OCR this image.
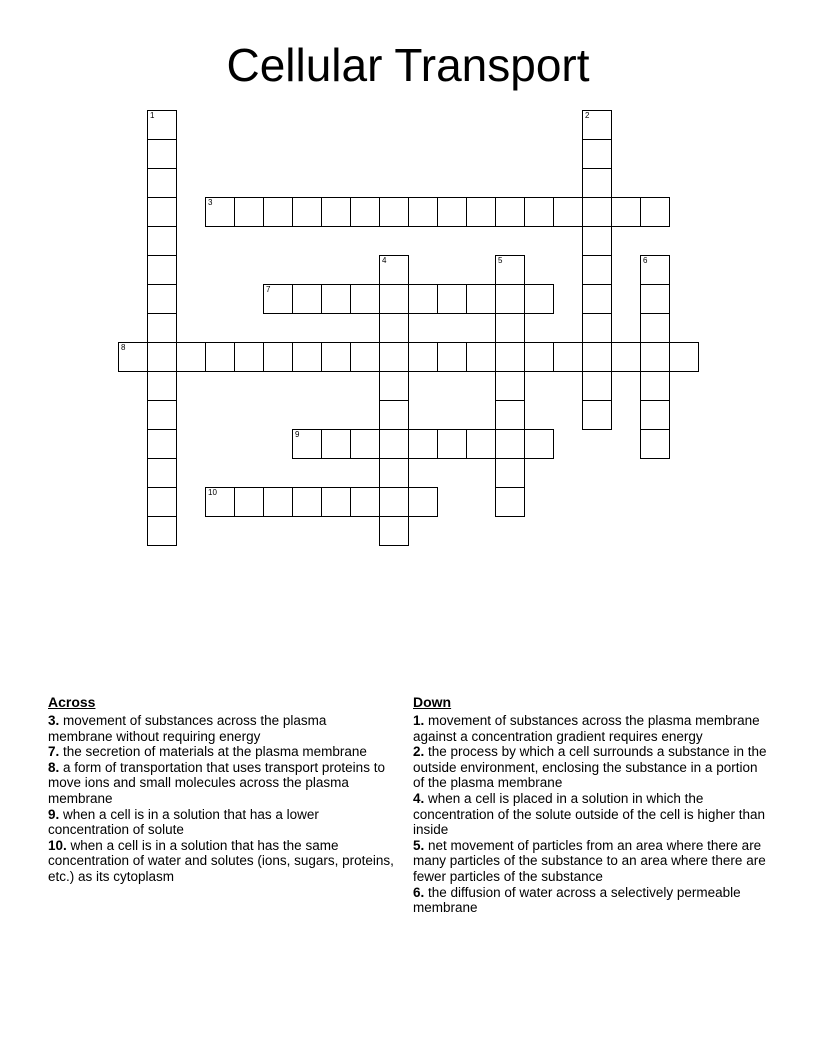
Cellular Transport
1	2
3
4	5	6
7
8
9
10
Across

3. movement of substances across the plasma membrane without requiring energy

7. the secretion of materials at the plasma membrane

8. a form of transportation that uses transport proteins to move ions and small molecules across the plasma membrane

9. when a cell is in a solution that has a lower concentration of solute

10. when a cell is in a solution that has the same concentration of water and solutes (ions, sugars, proteins, etc.) as its cytoplasm

Down

1. movement of substances across the plasma membrane against a concentration gradient requires energy

2. the process by which a cell surrounds a substance in the outside environment, enclosing the substance in a portion of the plasma membrane

4. when a cell is placed in a solution in which the concentration of the solute outside of the cell is higher than inside

5. net movement of particles from an area where there are many particles of the substance to an area where there are fewer particles of the substance

6. the diffusion of water across a selectively permeable membrane
